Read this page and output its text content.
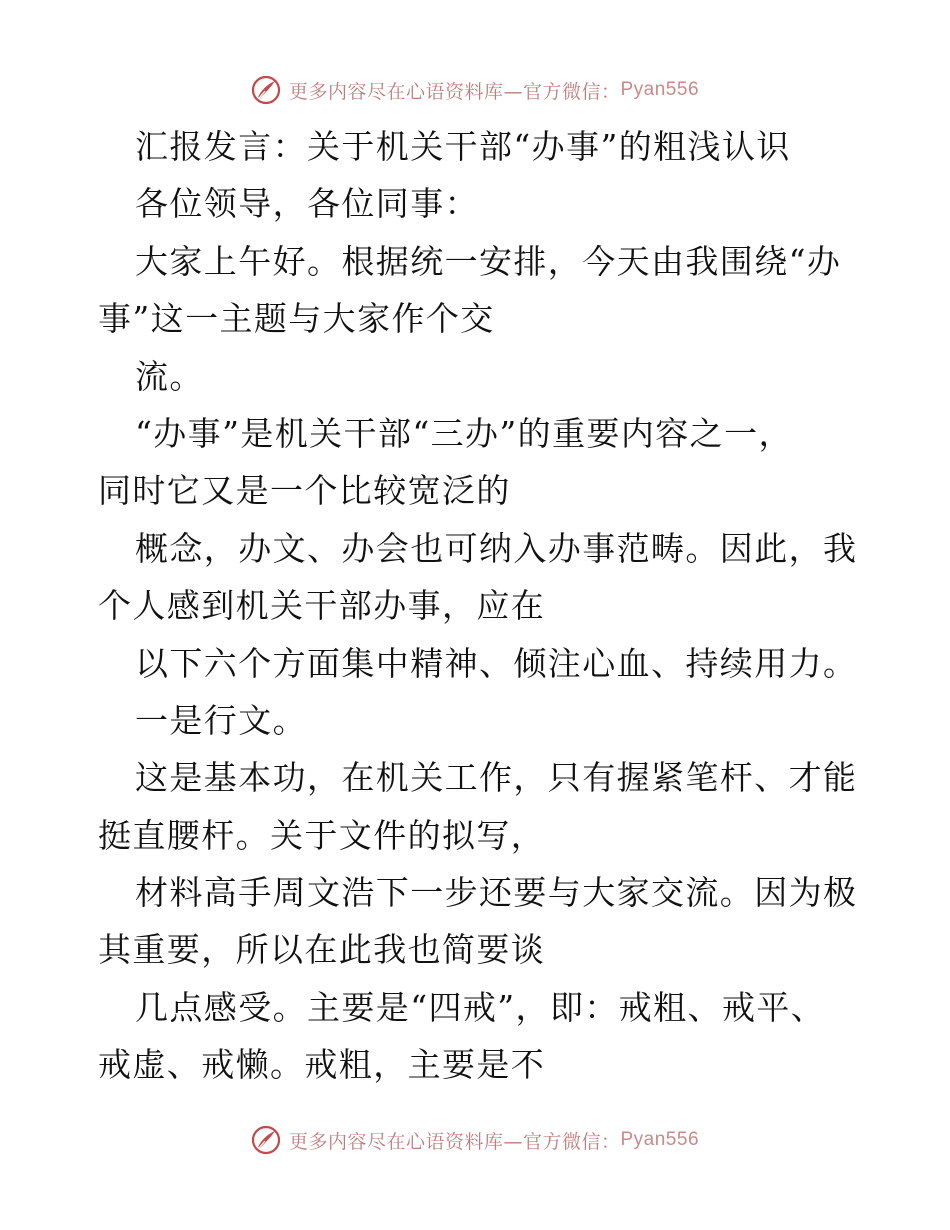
更多内容尽在心语资料库—官方微信： Pyan556
汇报发言：关于机关干部“办事”的粗浅认识
各位领导，各位同事：
大家上午好。根据统一安排，今天由我围绕“办
事”这一主题与大家作个交
流。
“办事”是机关干部“三办”的重要内容之一，
同时它又是一个比较宽泛的
概念，办文、办会也可纳入办事范畴。因此，我
个人感到机关干部办事，应在
以下六个方面集中精神、倾注心血、持续用力。
一是行文。
这是基本功，在机关工作，只有握紧笔杆、才能
挺直腰杆。关于文件的拟写，
材料高手周文浩下一步还要与大家交流。因为极
其重要，所以在此我也简要谈
几点感受。主要是“四戒”，即：戒粗、戒平、
戒虚、戒懒。戒粗，主要是不
更多内容尽在心语资料库—官方微信： Pyan556
